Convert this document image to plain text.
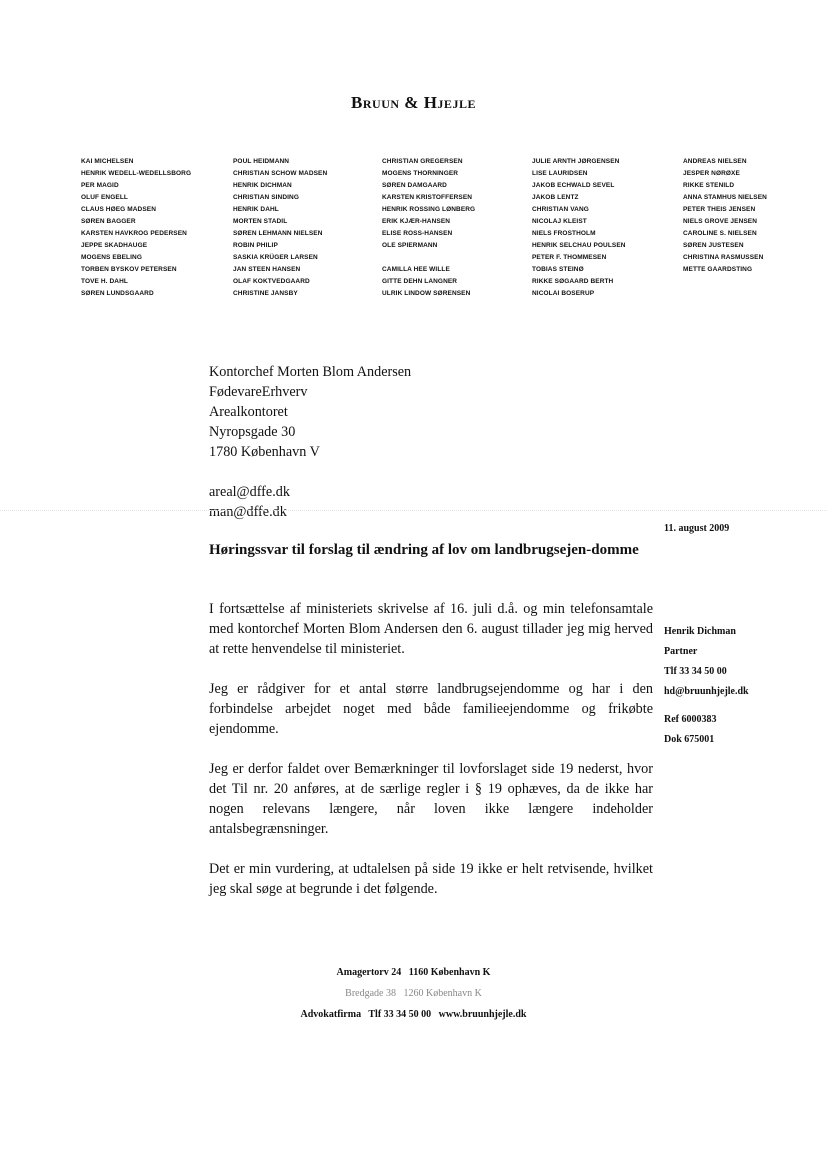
Bruun & Hjejle
KAI MICHELSEN
HENRIK WEDELL-WEDELLSBORG
PER MAGID
OLUF ENGELL
CLAUS HØEG MADSEN
SØREN BAGGER
KARSTEN HAVKROG PEDERSEN
JEPPE SKADHAUGE
MOGENS EBELING
TORBEN BYSKOV PETERSEN
TOVE H. DAHL
SØREN LUNDSGAARD
POUL HEIDMANN
CHRISTIAN SCHOW MADSEN
HENRIK DICHMAN
CHRISTIAN SINDING
HENRIK DAHL
MORTEN STADIL
SØREN LEHMANN NIELSEN
ROBIN PHILIP
SASKIA KRÜGER LARSEN
JAN STEEN HANSEN
OLAF KOKTVEDGAARD
CHRISTINE JANSBY
CHRISTIAN GREGERSEN
MOGENS THORNINGER
SØREN DAMGAARD
KARSTEN KRISTOFFERSEN
HENRIK ROSSING LØNBERG
ERIK KJÆR-HANSEN
ELISE ROSS-HANSEN
OLE SPIERMANN
CAMILLA HEE WILLE
GITTE DEHN LANGNER
ULRIK LINDOW SØRENSEN
JULIE ARNTH JØRGENSEN
LISE LAURIDSEN
JAKOB ECHWALD SEVEL
JAKOB LENTZ
CHRISTIAN VANG
NICOLAJ KLEIST
NIELS FROSTHOLM
HENRIK SELCHAU POULSEN
PETER F. THOMMESEN
TOBIAS STEINØ
RIKKE SØGAARD BERTH
NICOLAI BOSERUP
ANDREAS NIELSEN
JESPER NØRØXE
RIKKE STENILD
ANNA STAMHUS NIELSEN
PETER THEIS JENSEN
NIELS GROVE JENSEN
CAROLINE S. NIELSEN
SØREN JUSTESEN
CHRISTINA RASMUSSEN
METTE GAARDSTING
Kontorchef Morten Blom Andersen
FødevareErhverv
Arealkontoret
Nyropsgade 30
1780 København V
areal@dffe.dk
man@dffe.dk
11. august 2009
Høringssvar til forslag til ændring af lov om landbrugsejen-domme

I fortsættelse af ministeriets skrivelse af 16. juli d.å. og min telefonsamtale med kontorchef Morten Blom Andersen den 6. august tillader jeg mig herved at rette henvendelse til ministeriet.

Jeg er rådgiver for et antal større landbrugsejendomme og har i den forbindelse arbejdet noget med både familieejendomme og frikøbte ejendomme.

Jeg er derfor faldet over Bemærkninger til lovforslaget side 19 nederst, hvor det Til nr. 20 anføres, at de særlige regler i § 19 ophæves, da de ikke har nogen relevans længere, når loven ikke længere indeholder antalsbegrænsninger.

Det er min vurdering, at udtalelsen på side 19 ikke er helt retvisende, hvilket jeg skal søge at begrunde i det følgende.

Henrik Dichman
Partner
Tlf 33 34 50 00
hd@bruunhjejle.dk
Ref 6000383
Dok 675001
Amagertorv 24   1160 København K
Bredgade 38   1260 København K
Advokatfirma   Tlf 33 34 50 00   www.bruunhjejle.dk
